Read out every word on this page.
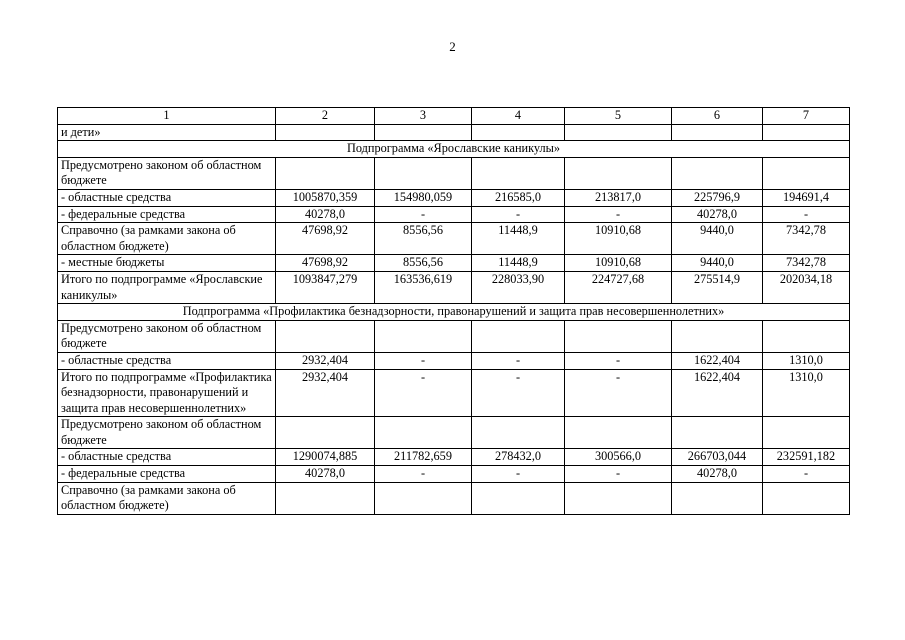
2
1	2	3	4	5	6	7
и дети»						
Подпрограмма «Ярославские каникулы»						
Предусмотрено законом об областном бюджете						
- областные средства	1005870,359	154980,059	216585,0	213817,0	225796,9	194691,4
- федеральные средства	40278,0	-	-	-	40278,0	-
Справочно (за рамками закона об областном бюджете)	47698,92	8556,56	11448,9	10910,68	9440,0	7342,78
- местные бюджеты	47698,92	8556,56	11448,9	10910,68	9440,0	7342,78
Итого по подпрограмме «Ярославские каникулы»	1093847,279	163536,619	228033,90	224727,68	275514,9	202034,18
Подпрограмма «Профилактика безнадзорности, правонарушений и защита прав несовершеннолетних»						
Предусмотрено законом об областном бюджете						
- областные средства	2932,404	-	-	-	1622,404	1310,0
Итого по подпрограмме «Профилактика безнадзорности, правонарушений и защита прав несовершеннолетних»	2932,404	-	-	-	1622,404	1310,0
Предусмотрено законом об областном бюджете						
- областные средства	1290074,885	211782,659	278432,0	300566,0	266703,044	232591,182
- федеральные средства	40278,0	-	-	-	40278,0	-
Справочно (за рамками закона об областном бюджете)						
